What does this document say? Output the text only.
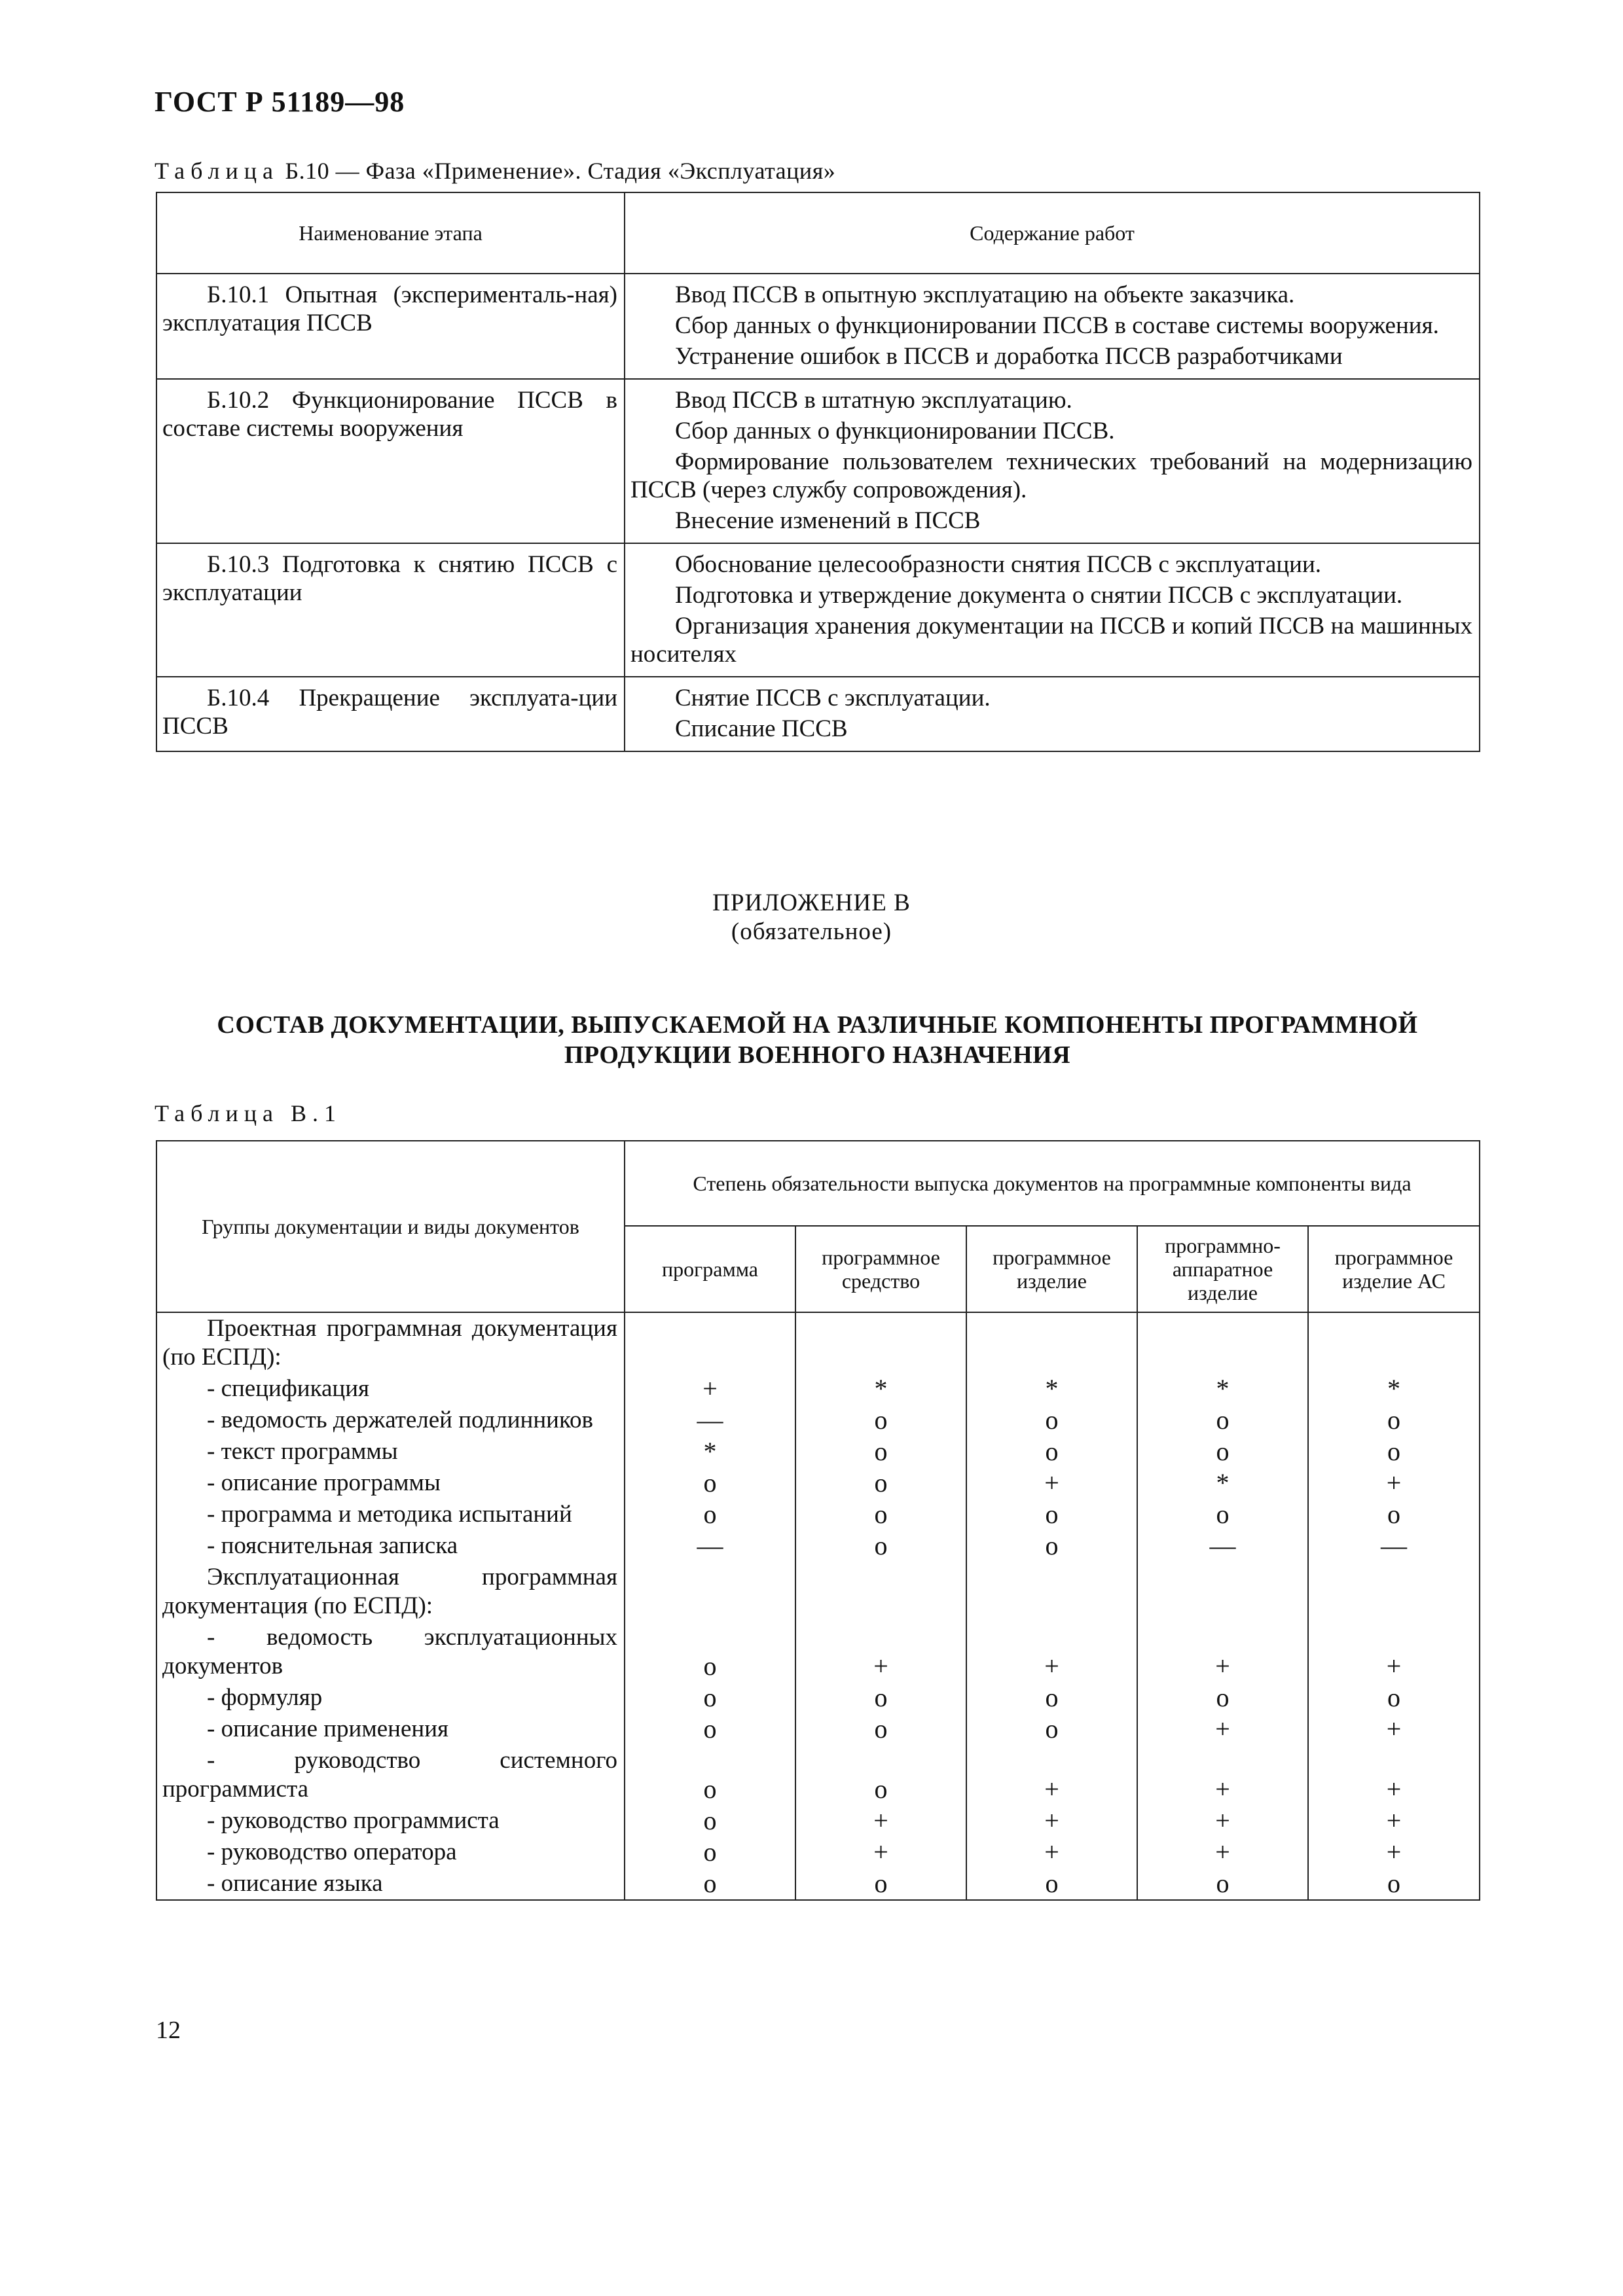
ГОСТ Р 51189—98
Таблица Б.10 — Фаза «Применение». Стадия «Эксплуатация»
Наименование этапа	Содержание работ

Б.10.1 Опытная (эксперименталь-ная) эксплуатация ПССВ	Ввод ПССВ в опытную эксплуатацию на объекте заказчика.

Сбор данных о функционировании ПССВ в составе системы вооружения.

Устранение ошибок в ПССВ и доработка ПССВ разработчиками

Б.10.2 Функционирование ПССВ в составе системы вооружения	Ввод ПССВ в штатную эксплуатацию.

Сбор данных о функционировании ПССВ.

Формирование пользователем технических требований на модернизацию ПССВ (через службу сопровождения).

Внесение изменений в ПССВ

Б.10.3 Подготовка к снятию ПССВ с эксплуатации	Обоснование целесообразности снятия ПССВ с эксплуатации.

Подготовка и утверждение документа о снятии ПССВ с эксплуатации.

Организация хранения документации на ПССВ и копий ПССВ на машинных носителях

Б.10.4 Прекращение эксплуата-ции ПССВ	Снятие ПССВ с эксплуатации.

Списание ПССВ

ПРИЛОЖЕНИЕ В
(обязательное)
СОСТАВ ДОКУМЕНТАЦИИ, ВЫПУСКАЕМОЙ НА РАЗЛИЧНЫЕ КОМПОНЕНТЫ ПРОГРАММНОЙ ПРОДУКЦИИ ВОЕННОГО НАЗНАЧЕНИЯ
Таблица В.1
Группы документации и виды документов	Степень обязательности выпуска документов на программные компоненты вида				
	программа	программное средство	программное изделие	программно-аппаратное изделие	программное изделие АС
Проектная программная документация (по ЕСПД):					
- спецификация	+	*	*	*	*
- ведомость держателей подлинников	—	o	o	o	o
- текст программы	*	o	o	o	o
- описание программы	o	o	+	*	+
- программа и методика испытаний	o	o	o	o	o
- пояснительная записка	—	o	o	—	—
Эксплуатационная программная документация (по ЕСПД):					
- ведомость эксплуатационных документов	o	+	+	+	+
- формуляр	o	o	o	o	o
- описание применения	o	o	o	+	+
- руководство системного программиста	o	o	+	+	+
- руководство программиста	o	+	+	+	+
- руководство оператора	o	+	+	+	+
- описание языка	o	o	o	o	o
12
